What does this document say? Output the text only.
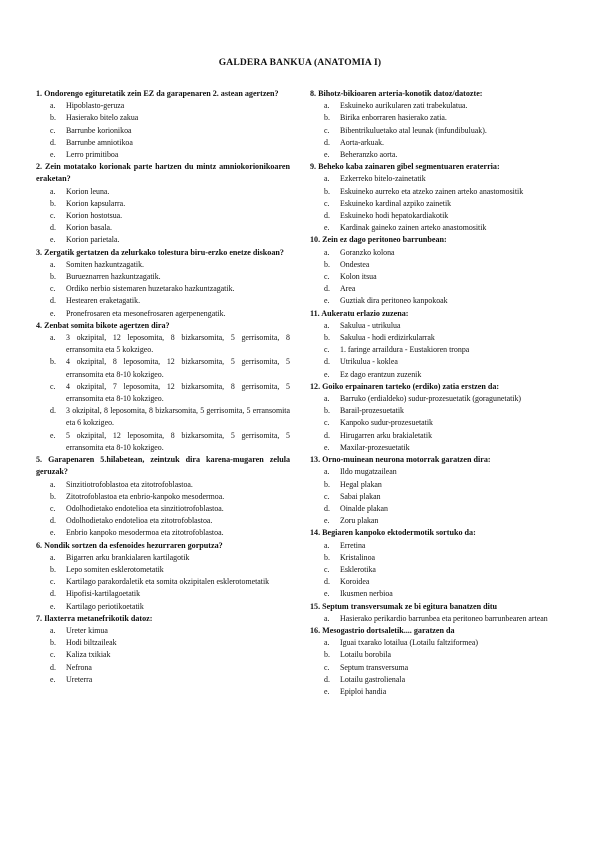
GALDERA BANKUA (ANATOMIA I)
1. Ondorengo egituretatik zein EZ da garapenaren 2. astean agertzen?
a.	Hipoblasto-geruza
b.	Hasierako bitelo zakua
c.	Barrunbe korionikoa
d.	Barrunbe amniotikoa
e.	Lerro primitiboa
2. Zein motatako korionak parte hartzen du mintz amniokorionikoaren eraketan?
a.	Korion leuna.
b.	Korion kapsularra.
c.	Korion hostotsua.
d.	Korion basala.
e.	Korion parietala.
3. Zergatik gertatzen da zelurkako tolestura biru-erzko enetze diskoan?
a.	Somiten hazkuntzagatik.
b.	Burueznarren hazkuntzagatik.
c.	Ordiko nerbio sistemaren huzetarako hazkuntzagatik.
d.	Hestearen eraketagatik.
e.	Pronefrosaren eta mesonefrosaren agerpenengatik.
4. Zenbat somita bikote agertzen dira?
a.	3 okzipital, 12 leposomita, 8 bizkarsomita, 5 gerrisomita, 8 erransomita eta 5 kokzigeo.
b.	4 okzipital, 8 leposomita, 12 bizkarsomita, 5 gerrisomita, 5 erransomita eta 8-10 kokzigeo.
c.	4 okzipital, 7 leposomita, 12 bizkarsomita, 8 gerrisomita, 5 erransomita eta 8-10 kokzigeo.
d.	3 okzipital, 8 leposomita, 8 bizkarsomita, 5 gerrisomita, 5 erransomita eta 6 kokzigeo.
e.	5 okzipital, 12 leposomita, 8 bizkarsomita, 5 gerrisomita, 5 erransomita eta 8-10 kokzigeo.
5. Garapenaren 5.hilabetean, zeintzuk dira karena-mugaren zelula geruzak?
a.	Sinzitiotrofoblastoa eta zitotrofoblastoa.
b.	Zitotrofoblastoa eta enbrio-kanpoko mesodermoa.
c.	Odolhodietako endotelioa eta sinzitiotrofoblastoa.
d.	Odolhodietako endotelioa eta zitotrofoblastoa.
e.	Enbrio kanpoko mesodermoa eta zitotrofoblastoa.
6. Nondik sortzen da esfenoides hezurraren gorputza?
a.	Bigarren arku brankialaren kartilagotik
b.	Lepo somiten esklerotometatik
c.	Kartilago parakordaletik eta somita okzipitalen esklerotometatik
d.	Hipofisi-kartilagoetatik
e.	Kartilago periotikoetatik
7. Ilaxterra metanefrikotik datoz:
a.	Ureter kimua
b.	Hodi biltzaileak
c.	Kaliza txikiak
d.	Nefrona
e.	Ureterra
8. Bihotz-bikioaren arteria-konotik datoz/datozte:
a.	Eskuineko aurikularen zati trabekulatua.
b.	Birika enborraren hasierako zatia.
c.	Bibentrikuluetako atal leunak (infundibuluak).
d.	Aorta-arkuak.
e.	Beheranzko aorta.
9. Beheko kaba zainaren gibel segmentuaren eraterria:
a.	Ezkerreko bitelo-zainetatik
b.	Eskuineko aurreko eta atzeko zainen arteko anastomositik
c.	Eskuineko kardinal azpiko zainetik
d.	Eskuineko hodi hepatokardiakotik
e.	Kardinak gaineko zainen arteko anastomositik
10. Zein ez dago peritoneo barrunbean:
a.	Goranzko kolona
b.	Ondestea
c.	Kolon itsua
d.	Area
e.	Guztiak dira peritoneo kanpokoak
11. Aukeratu erlazio zuzena:
a.	Sakulua - utrikulua
b.	Sakulua - hodi erdizirkularrak
c.	1. faringe arraildura - Eustakioren tronpa
d.	Utrikulua - koklea
e.	Ez dago erantzun zuzenik
12. Goiko erpainaren tarteko (erdiko) zatia erstzen da:
a.	Barruko (erdialdeko) sudur-prozesuetatik (goragunetatik)
b.	Barail-prozesuetatik
c.	Kanpoko sudur-prozesuetatik
d.	Hirugarren arku brakialetatik
e.	Maxilar-prozesuetatik
13. Orno-muinean neurona motorrak garatzen dira:
a.	Ildo mugatzailean
b.	Hegal plakan
c.	Sabai plakan
d.	Oinalde plakan
e.	Zoru plakan
14. Begiaren kanpoko ektodermotik sortuko da:
a.	Erretina
b.	Kristalinoa
c.	Esklerotika
d.	Koroidea
e.	Ikusmen nerbioa
15. Septum transversumak ze bi egitura banatzen ditu
a.	Hasierako perikardio barrunbea eta peritoneo barrunbearen artean
16. Mesogastrio dortsaletik.... garatzen da
a.	Iguai txarako lotailua (Lotailu faltziformea)
b.	Lotailu borobila
c.	Septum transversuma
d.	Lotailu gastrolienala
e.	Epiploi handia
